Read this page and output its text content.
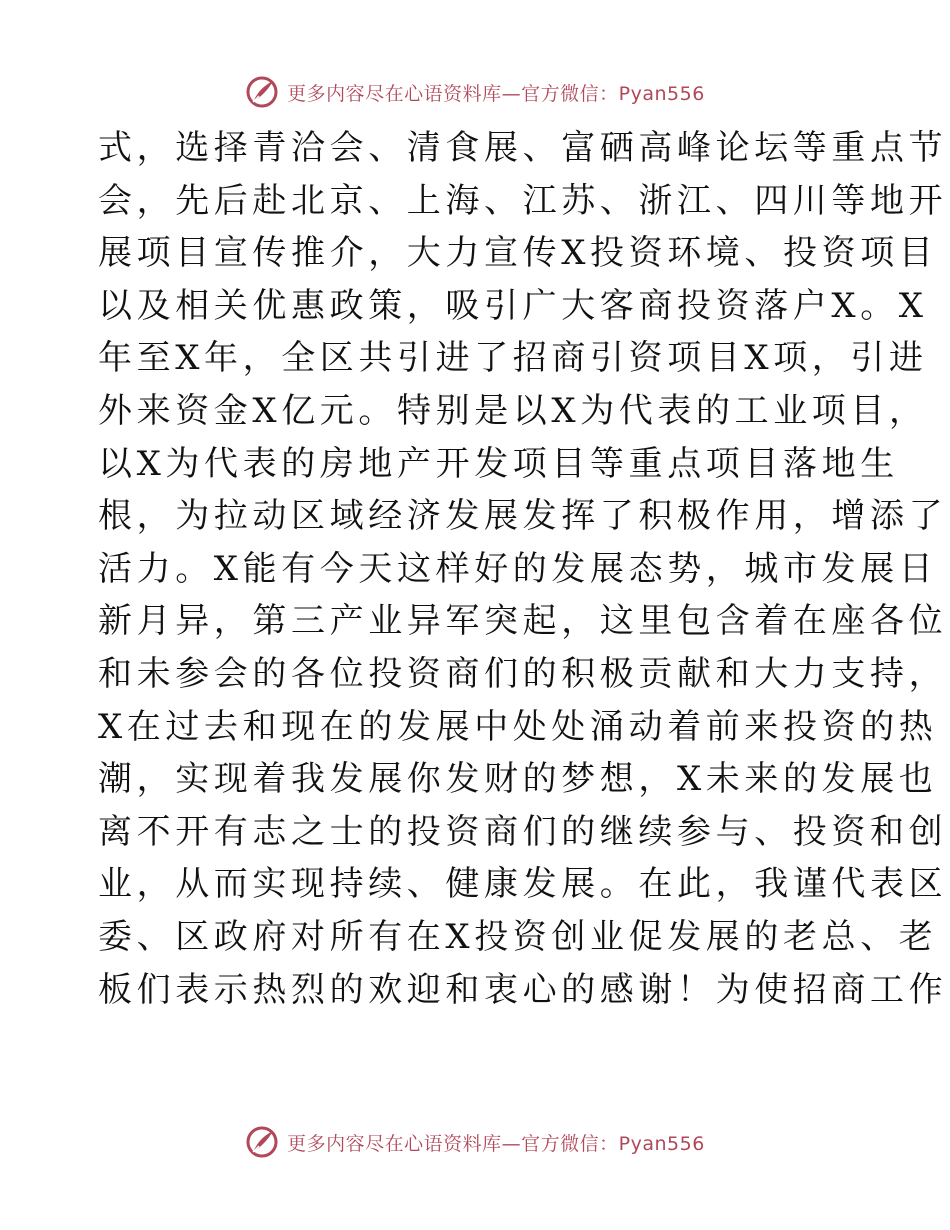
更多内容尽在心语资料库—官方微信：Pyan556
式，选择青洽会、清食展、富硒高峰论坛等重点节
会，先后赴北京、上海、江苏、浙江、四川等地开
展项目宣传推介，大力宣传X投资环境、投资项目
以及相关优惠政策，吸引广大客商投资落户X。X
年至X年，全区共引进了招商引资项目X项，引进
外来资金X亿元。特别是以X为代表的工业项目，
以X为代表的房地产开发项目等重点项目落地生
根，为拉动区域经济发展发挥了积极作用，增添了
活力。X能有今天这样好的发展态势，城市发展日
新月异，第三产业异军突起，这里包含着在座各位
和未参会的各位投资商们的积极贡献和大力支持，
X在过去和现在的发展中处处涌动着前来投资的热
潮，实现着我发展你发财的梦想，X未来的发展也
离不开有志之士的投资商们的继续参与、投资和创
业，从而实现持续、健康发展。在此，我谨代表区
委、区政府对所有在X投资创业促发展的老总、老
板们表示热烈的欢迎和衷心的感谢！为使招商工作
更多内容尽在心语资料库—官方微信：Pyan556
